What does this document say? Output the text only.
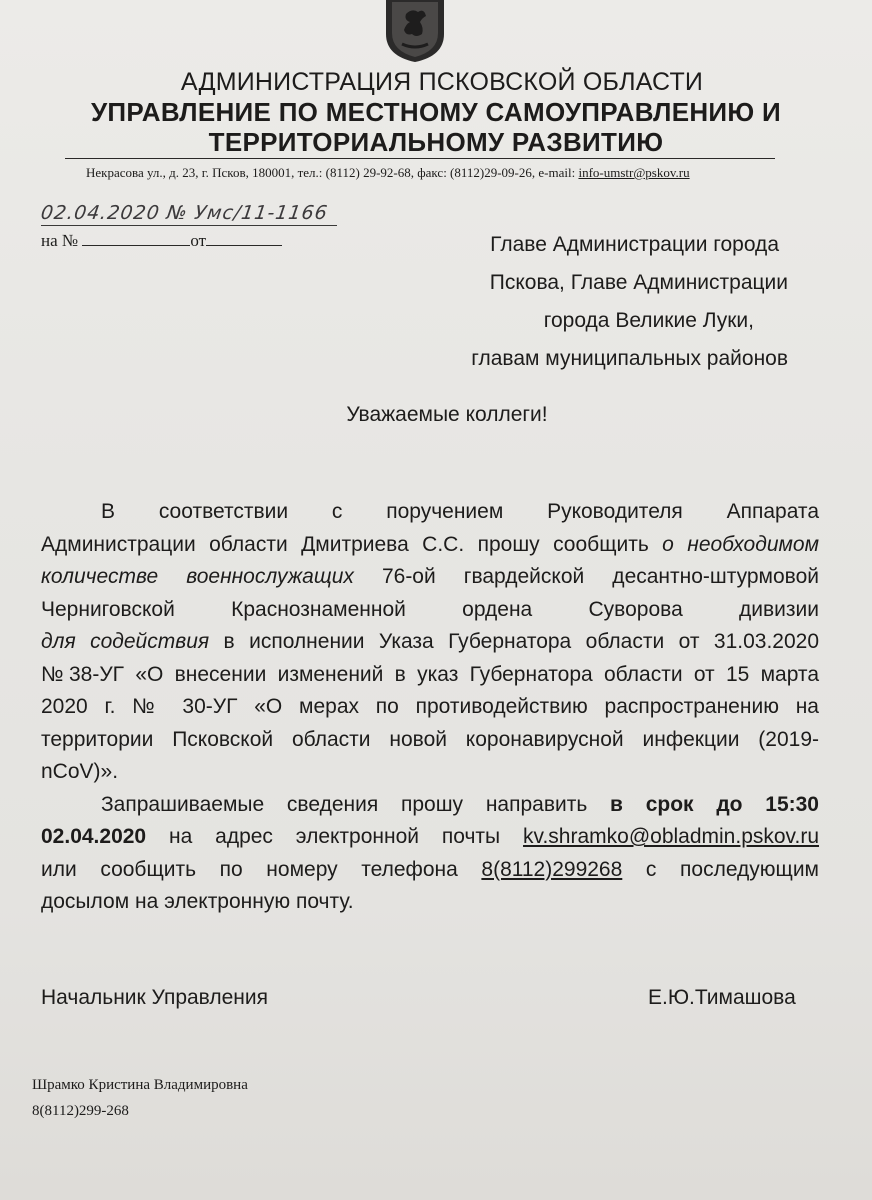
АДМИНИСТРАЦИЯ ПСКОВСКОЙ ОБЛАСТИ
УПРАВЛЕНИЕ ПО МЕСТНОМУ САМОУПРАВЛЕНИЮ И
ТЕРРИТОРИАЛЬНОМУ РАЗВИТИЮ
Некрасова ул., д. 23, г. Псков, 180001, тел.: (8112) 29-92-68, факс: (8112)29-09-26, e-mail: info-umstr@pskov.ru
02.04.2020 № Умс/11-1166
на №	от	Главе Администрации города
Пскова, Главе Администрации
города Великие Луки,
главам муниципальных районов
Уважаемые коллеги!
В соответствии с поручением Руководителя Аппарата
Администрации области Дмитриева С.С. прошу сообщить о необходимом
количестве военнослужащих 76-ой гвардейской десантно-штурмовой
Черниговской Краснознаменной ордена Суворова дивизии
для содействия в исполнении Указа Губернатора области от 31.03.2020
№38-УГ «О внесении изменений в указ Губернатора области от 15 марта
2020 г. № 30-УГ «О мерах по противодействию распространению на
территории Псковской области новой коронавирусной инфекции (2019-
nCoV)».
Запрашиваемые сведения прошу направить в срок до 15:30
02.04.2020 на адрес электронной почты kv.shramko@obladmin.pskov.ru
или сообщить по номеру телефона 8(8112)299268 с последующим
досылом на электронную почту.
Начальник Управления	Е.Ю.Тимашова
Шрамко Кристина Владимировна
8(8112)299-268
